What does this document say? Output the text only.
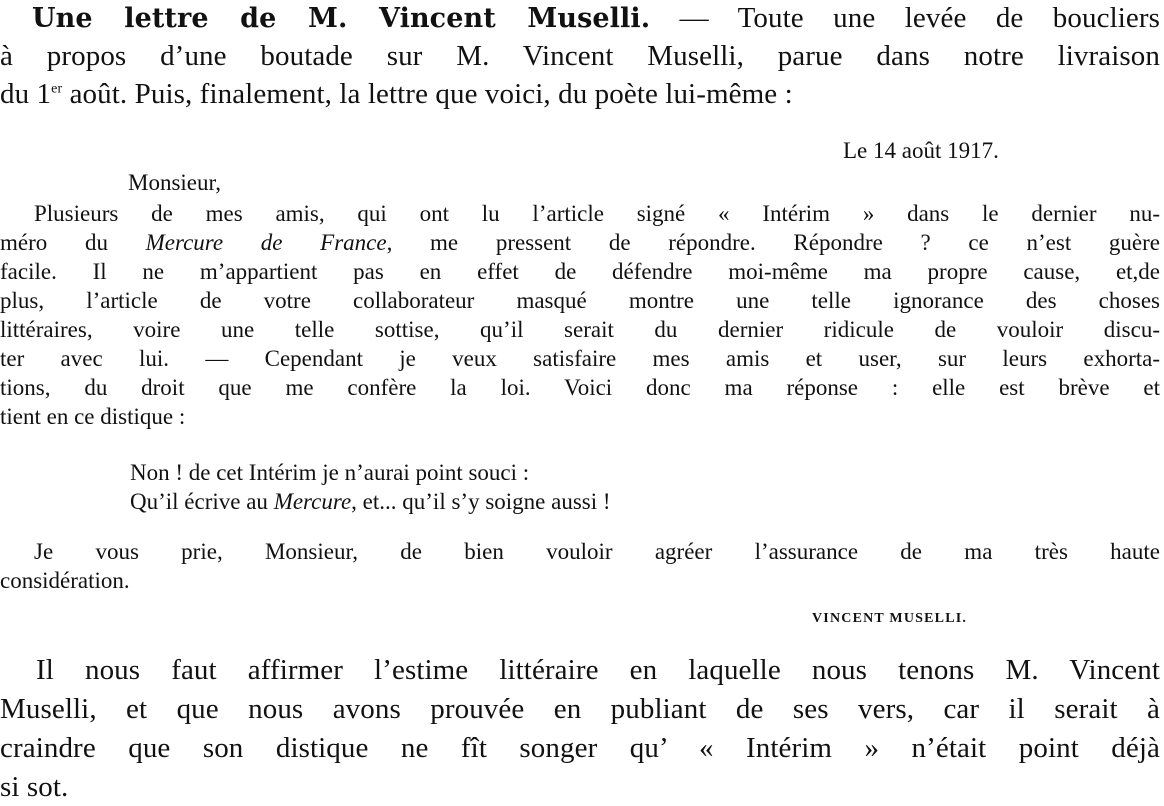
Une lettre de M. Vincent Muselli. — Toute une levée de boucliers
à propos d’une boutade sur M. Vincent Muselli, parue dans notre livraison
du 1er août. Puis, finalement, la lettre que voici, du poète lui-même :
Le 14 août 1917.
Monsieur,
Plusieurs de mes amis, qui ont lu l’article signé « Intérim » dans le dernier nu-
méro du Mercure de France, me pressent de répondre. Répondre ? ce n’est guère
facile. Il ne m’appartient pas en effet de défendre moi-même ma propre cause, et,de
plus, l’article de votre collaborateur masqué montre une telle ignorance des choses
littéraires, voire une telle sottise, qu’il serait du dernier ridicule de vouloir discu-
ter avec lui. — Cependant je veux satisfaire mes amis et user, sur leurs exhorta-
tions, du droit que me confère la loi. Voici donc ma réponse : elle est brève et
tient en ce distique :
Non ! de cet Intérim je n’aurai point souci :
Qu’il écrive au Mercure, et... qu’il s’y soigne aussi !
Je vous prie, Monsieur, de bien vouloir agréer l’assurance de ma très haute
considération.
VINCENT MUSELLI.
Il nous faut affirmer l’estime littéraire en laquelle nous tenons M. Vincent
Muselli, et que nous avons prouvée en publiant de ses vers, car il serait à
craindre que son distique ne fît songer qu’ « Intérim » n’était point déjà
si sot.
